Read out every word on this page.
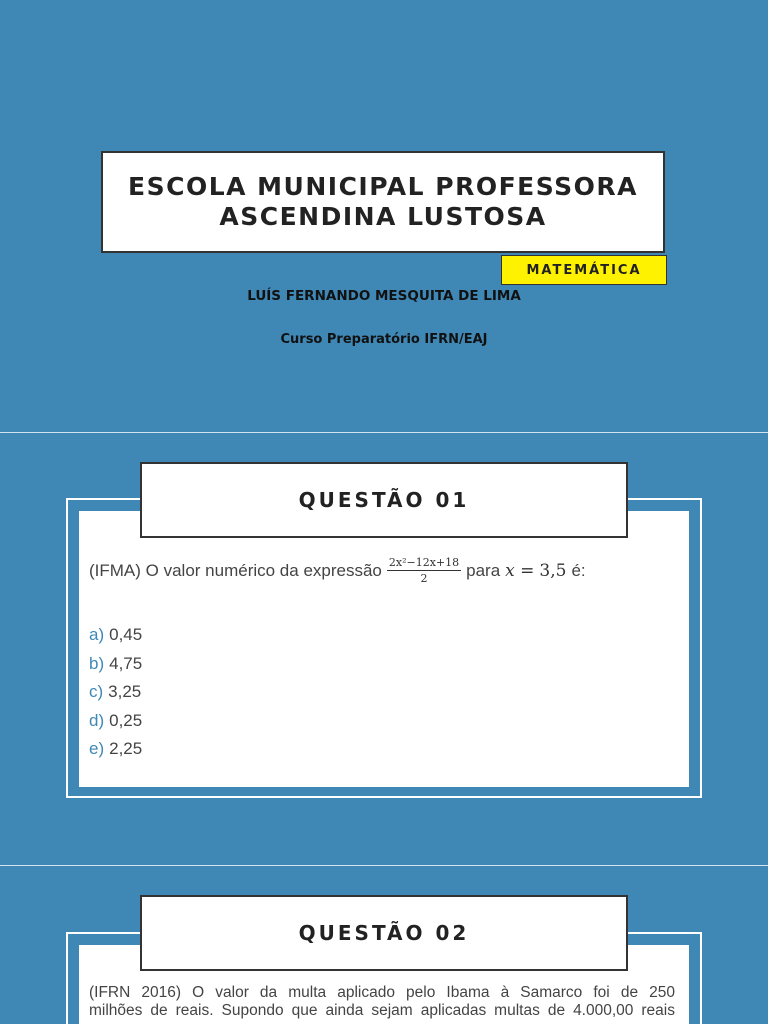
ESCOLA MUNICIPAL PROFESSORA
ASCENDINA LUSTOSA
MATEMÁTICA
LUÍS FERNANDO MESQUITA DE LIMA
Curso Preparatório IFRN/EAJ
QUESTÃO 01
(IFMA) O valor numérico da expressão $\frac{\text{2x²−12x+18}}{2}$ para x = 3,5 é:
a) 0,45
b) 4,75
c) 3,25
d) 0,25
e) 2,25
QUESTÃO 02
(IFRN 2016) O valor da multa aplicado pelo Ibama à Samarco foi de 250
milhões de reais. Supondo que ainda sejam aplicadas multas de 4.000,00 reais
